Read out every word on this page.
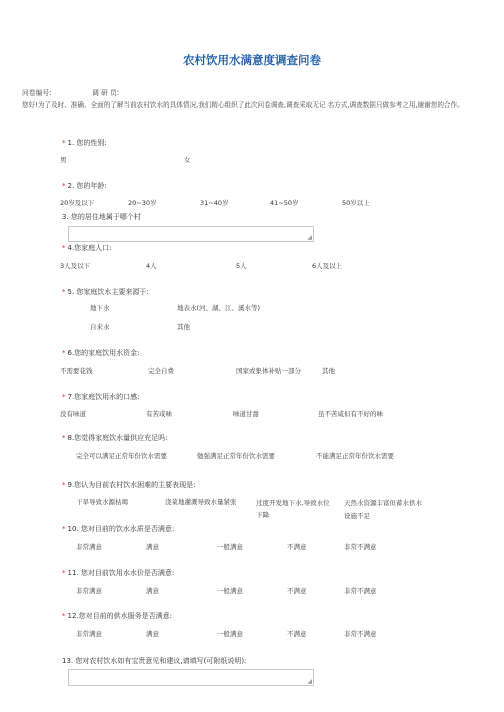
农村饮用水满意度调查问卷
问卷编号:	调 研 员:
您好!为了及时、准确、全面的了解当前农村饮水的具体情况,我们精心组织了此次问卷调查,调查采取无记 名方式,调查数据只做参考之用,谢谢您的合作。
* 1. 您的性别:
男	女
* 2. 您的年龄:
20岁及以下	20~30岁	31~40岁	41~50岁	50岁以上
3. 您的居住地属于哪个村
◢
* 4.您家庭人口:
3人及以下	4人	5人	6人及以上
* 5. 您家庭饮水主要来源于:
地下水	地表水(河、湖、江、溪水等)
自来水	其他
* 6.您的家庭饮用水资金:
不需要花钱	完全自费	国家或集体补贴一部分	其他
* 7.您家庭饮用水的口感:
没有味道	有苦咸味	味道甘甜	虽不苦咸但有不好的味
* 8.您觉得家庭饮水量供应充足吗:
完全可以满足正常年份饮水需要	勉强满足正常年份饮水需要	不能满足正常年份饮水需要
* 9.您认为目前农村饮水困难的主要表现是:
干旱导致水源枯竭	浇菜地灌溉导致水量紧张	过度开发地下水,导致水位下降
天然水资源丰富但蓄水供水设施不足
* 10. 您对目前的饮水水质是否满意:
非常满意	满意	一般满意	不满意	非常不满意
* 11. 您对目前饮用水水价是否满意:
非常满意	满意	一般满意	不满意	非常不满意
* 12.您对目前的供水服务是否满意:
非常满意	满意	一般满意	不满意	非常不满意
13. 您对农村饮水如有宝贵意见和建议,请填写(可附纸说明):
◢
